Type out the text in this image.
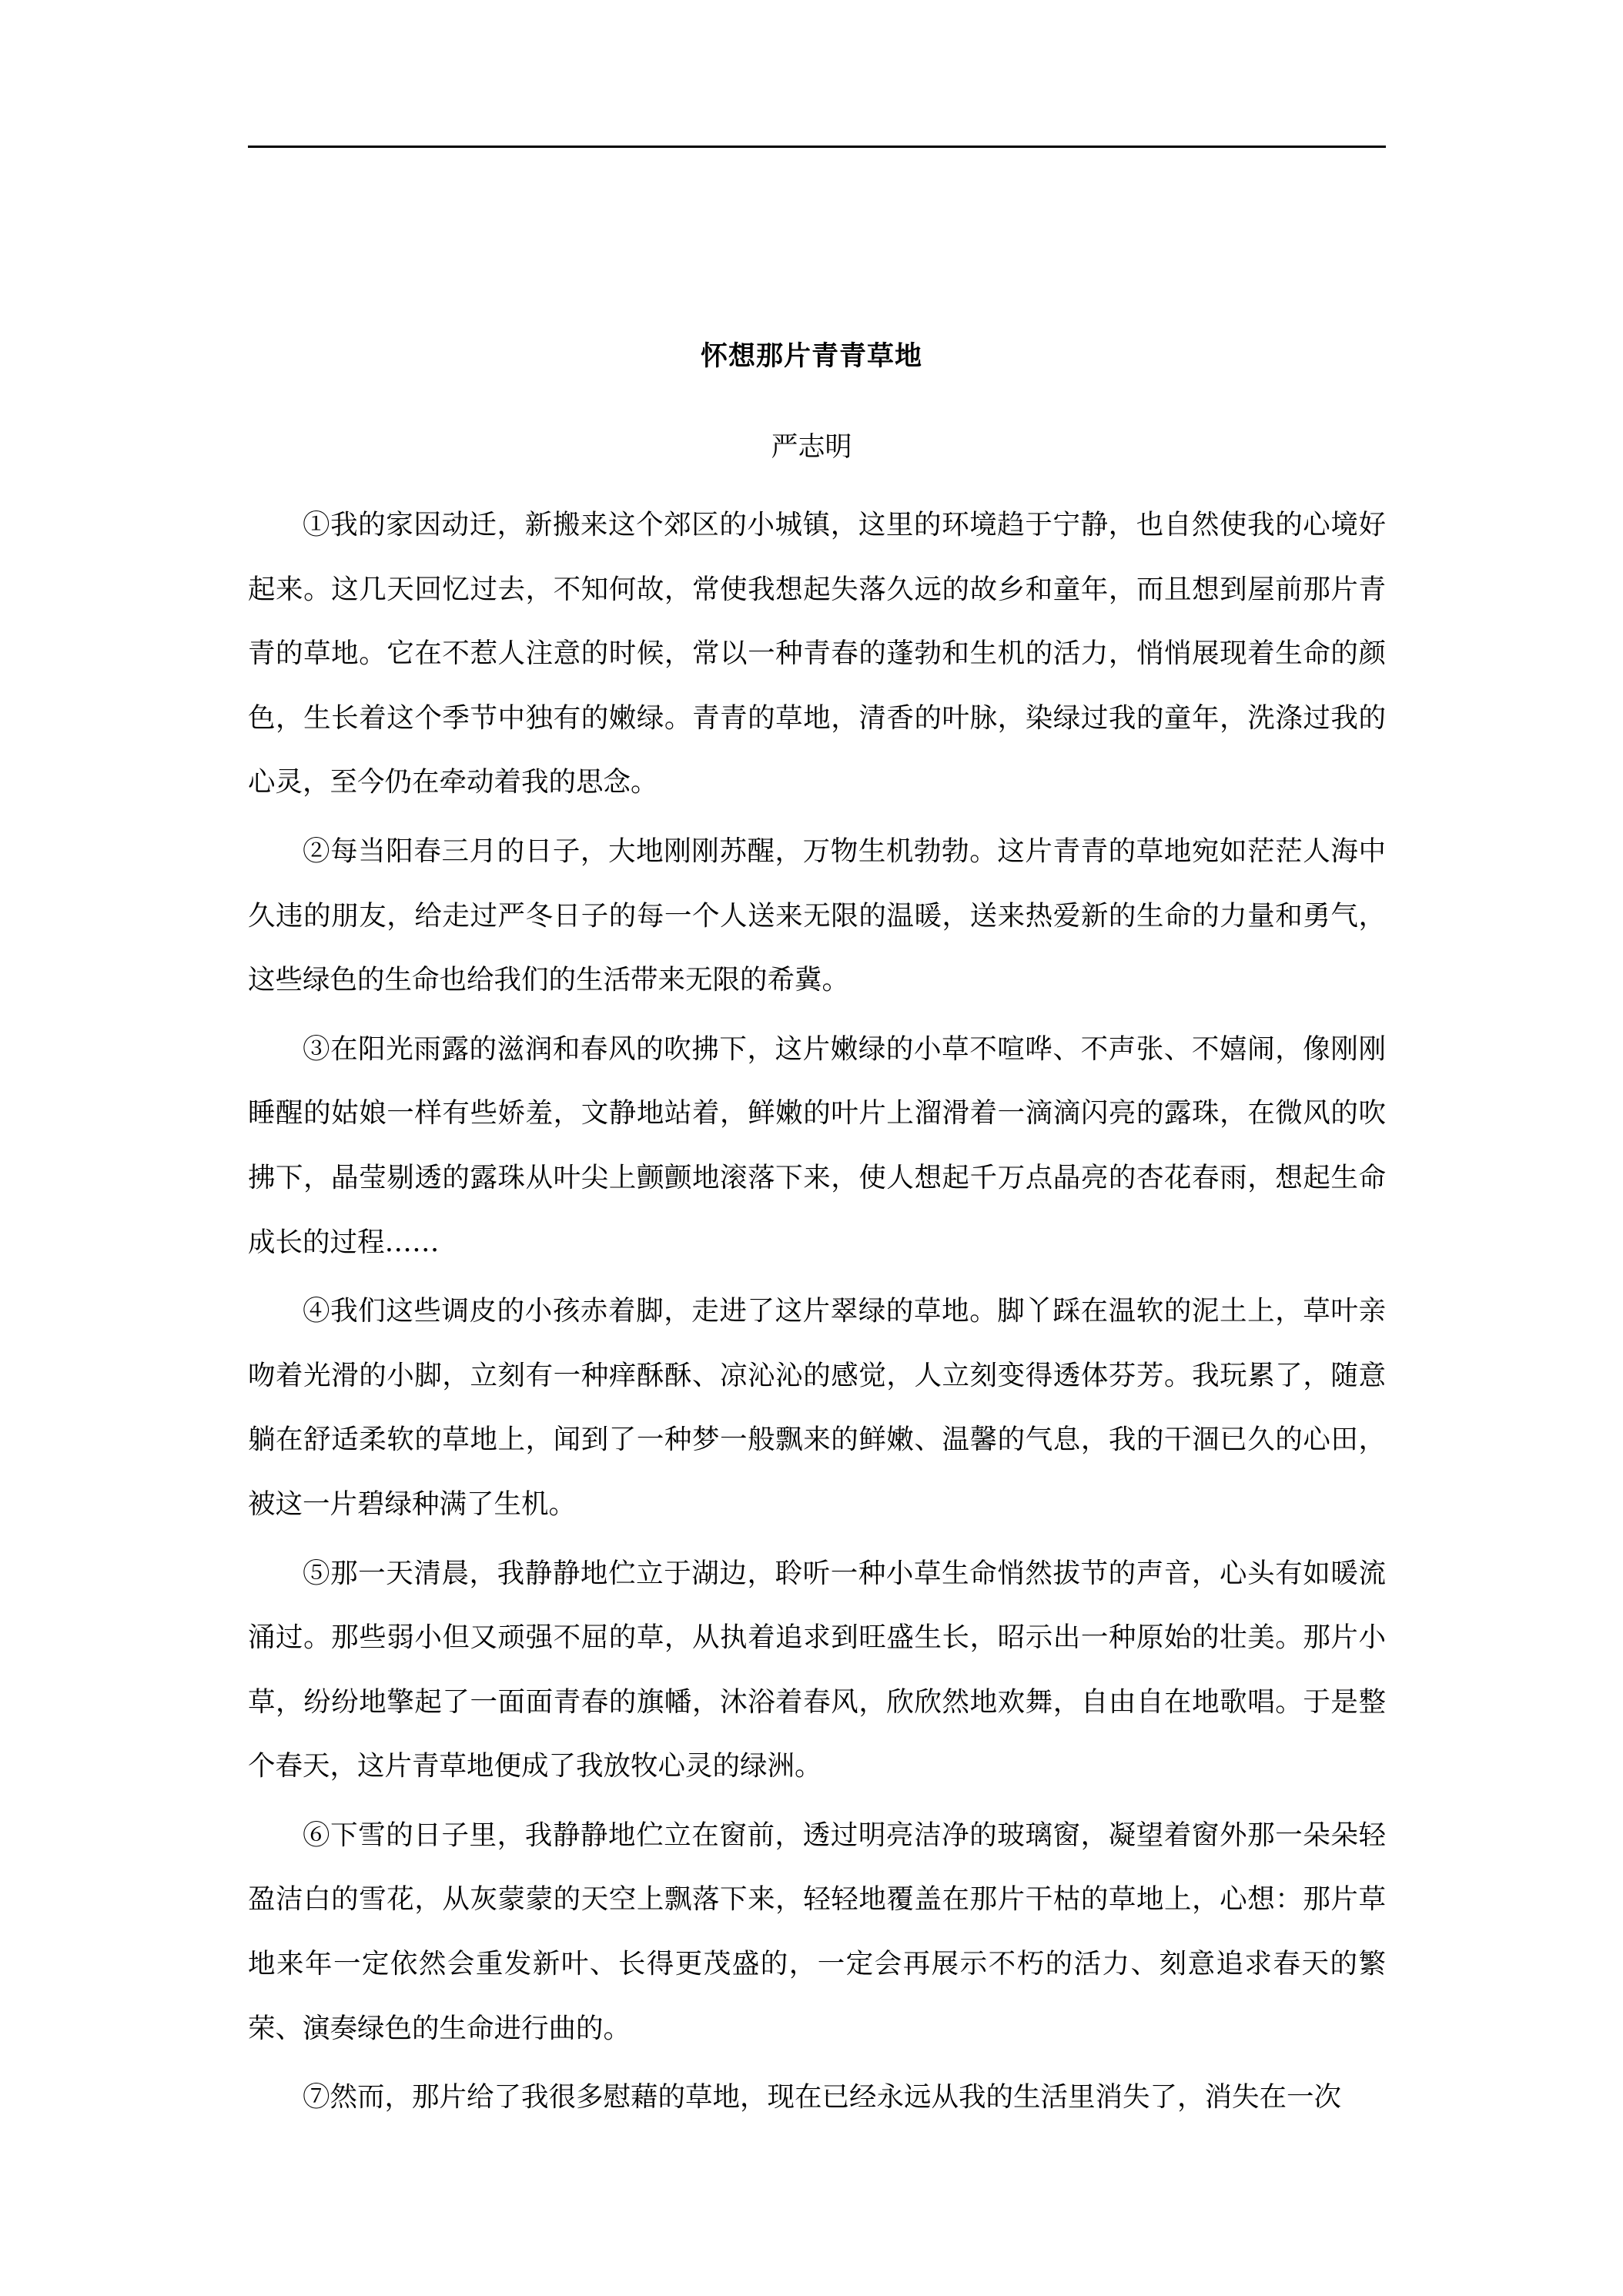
怀想那片青青草地
严志明

①我的家因动迁，新搬来这个郊区的小城镇，这里的环境趋于宁静，也自然使我的心境好起来。这几天回忆过去，不知何故，常使我想起失落久远的故乡和童年，而且想到屋前那片青青的草地。它在不惹人注意的时候，常以一种青春的蓬勃和生机的活力，悄悄展现着生命的颜色，生长着这个季节中独有的嫩绿。青青的草地，清香的叶脉，染绿过我的童年，洗涤过我的心灵，至今仍在牵动着我的思念。

②每当阳春三月的日子，大地刚刚苏醒，万物生机勃勃。这片青青的草地宛如茫茫人海中久违的朋友，给走过严冬日子的每一个人送来无限的温暖，送来热爱新的生命的力量和勇气，这些绿色的生命也给我们的生活带来无限的希冀。

③在阳光雨露的滋润和春风的吹拂下，这片嫩绿的小草不喧哗、不声张、不嬉闹，像刚刚睡醒的姑娘一样有些娇羞，文静地站着，鲜嫩的叶片上溜滑着一滴滴闪亮的露珠，在微风的吹拂下，晶莹剔透的露珠从叶尖上颤颤地滚落下来，使人想起千万点晶亮的杏花春雨，想起生命成长的过程……

④我们这些调皮的小孩赤着脚，走进了这片翠绿的草地。脚丫踩在温软的泥土上，草叶亲吻着光滑的小脚，立刻有一种痒酥酥、凉沁沁的感觉，人立刻变得透体芬芳。我玩累了，随意躺在舒适柔软的草地上，闻到了一种梦一般飘来的鲜嫩、温馨的气息，我的干涸已久的心田，被这一片碧绿种满了生机。

⑤那一天清晨，我静静地伫立于湖边，聆听一种小草生命悄然拔节的声音，心头有如暖流涌过。那些弱小但又顽强不屈的草，从执着追求到旺盛生长，昭示出一种原始的壮美。那片小草，纷纷地擎起了一面面青春的旗幡，沐浴着春风，欣欣然地欢舞，自由自在地歌唱。于是整个春天，这片青草地便成了我放牧心灵的绿洲。

⑥下雪的日子里，我静静地伫立在窗前，透过明亮洁净的玻璃窗，凝望着窗外那一朵朵轻盈洁白的雪花，从灰蒙蒙的天空上飘落下来，轻轻地覆盖在那片干枯的草地上，心想：那片草地来年一定依然会重发新叶、长得更茂盛的，一定会再展示不朽的活力、刻意追求春天的繁荣、演奏绿色的生命进行曲的。

⑦然而，那片给了我很多慰藉的草地，现在已经永远从我的生活里消失了，消失在一次
